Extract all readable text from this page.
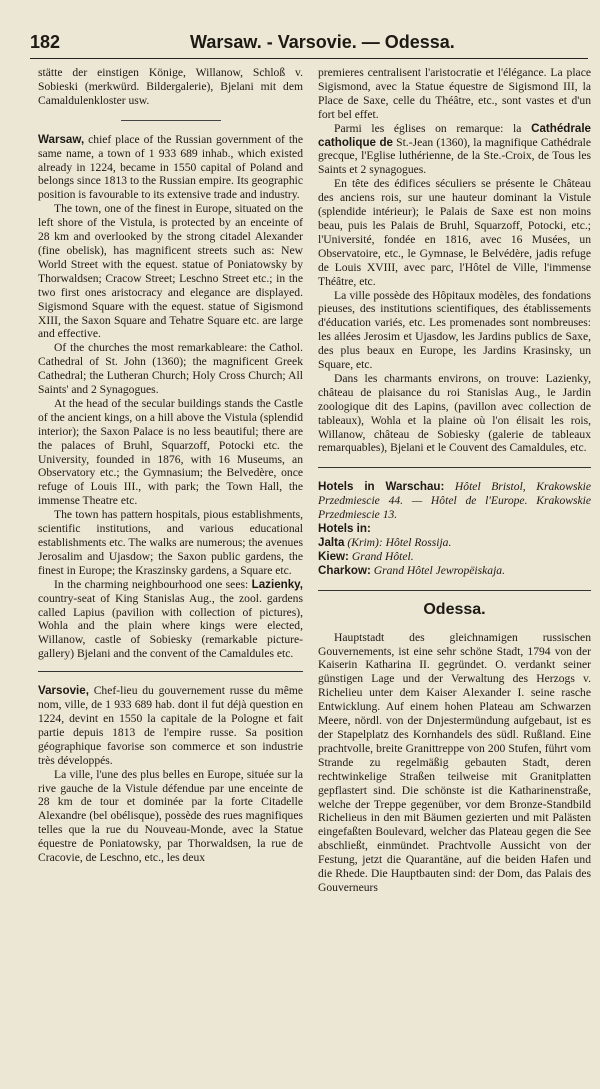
182	Warsaw. - Varsovie. — Odessa.

stätte der einstigen Könige, Willanow, Schloß v. Sobieski (merkwürd. Bildergalerie), Bjelani mit dem Camaldulenkloster usw.

Warsaw, chief place of the Russian government of the same name, a town of 1 933 689 inhab., which existed already in 1224, became in 1550 capital of Poland and belongs since 1813 to the Russian empire. Its geographic position is favourable to its extensive trade and industry.

The town, one of the finest in Europe, situated on the left shore of the Vistula, is protected by an enceinte of 28 km and overlooked by the strong citadel Alexander (fine obelisk), has magnificent streets such as: New World Street with the equest. statue of Poniatowsky by Thorwaldsen; Cracow Street; Leschno Street etc.; in the two first ones aristocracy and elegance are displayed. Sigismond Square with the equest. statue of Sigismond XIII, the Saxon Square and Tehatre Square etc. are large and effective.

Of the churches the most remarkableare: the Cathol. Cathedral of St. John (1360); the magnificent Greek Cathedral; the Lutheran Church; Holy Cross Church; All Saints' and 2 Synagogues.

At the head of the secular buildings stands the Castle of the ancient kings, on a hill above the Vistula (splendid interior); the Saxon Palace is no less beautiful; there are the palaces of Bruhl, Squarzoff, Potocki etc. the University, founded in 1876, with 16 Museums, an Observatory etc.; the Gymnasium; the Belvedère, once refuge of Louis III., with park; the Town Hall, the immense Theatre etc.

The town has pattern hospitals, pious establishments, scientific institutions, and various educational establishments etc. The walks are numerous; the avenues Jerosalim and Ujasdow; the Saxon public gardens, the finest in Europe; the Kraszinsky gardens, a Square etc.

In the charming neighbourhood one sees: Lazienky, country-seat of King Stanislas Aug., the zool. gardens called Lapius (pavilion with collection of pictures), Wohla and the plain where kings were elected, Willanow, castle of Sobiesky (remarkable picture-gallery) Bjelani and the convent of the Camaldules etc.

Varsovie, Chef-lieu du gouvernement russe du même nom, ville, de 1 933 689 hab. dont il fut déjà question en 1224, devint en 1550 la capitale de la Pologne et fait partie depuis 1813 de l'empire russe. Sa position géographique favorise son commerce et son industrie très développés.

La ville, l'une des plus belles en Europe, située sur la rive gauche de la Vistule défendue par une enceinte de 28 km de tour et dominée par la forte Citadelle Alexandre (bel obélisque), possède des rues magnifiques telles que la rue du Nouveau-Monde, avec la Statue équestre de Poniatowsky, par Thorwaldsen, la rue de Cracovie, de Leschno, etc., les deux

premieres centralisent l'aristocratie et l'élégance. La place Sigismond, avec la Statue équestre de Sigismond III, la Place de Saxe, celle du Théâtre, etc., sont vastes et d'un fort bel effet.

Parmi les églises on remarque: la Cathédrale catholique de St.-Jean (1360), la magnifique Cathédrale grecque, l'Eglise luthérienne, de la Ste.-Croix, de Tous les Saints et 2 synagogues.

En tête des édifices séculiers se présente le Château des anciens rois, sur une hauteur dominant la Vistule (splendide intérieur); le Palais de Saxe est non moins beau, puis les Palais de Bruhl, Squarzoff, Potocki, etc.; l'Université, fondée en 1816, avec 16 Musées, un Observatoire, etc., le Gymnase, le Belvédère, jadis refuge de Louis XVIII, avec parc, l'Hôtel de Ville, l'immense Théâtre, etc.

La ville possède des Hôpitaux modèles, des fondations pieuses, des institutions scientifiques, des établissements d'éducation variés, etc. Les promenades sont nombreuses: les allées Jerosim et Ujasdow, les Jardins publics de Saxe, des plus beaux en Europe, les Jardins Krasinsky, un Square, etc.

Dans les charmants environs, on trouve: Lazienky, château de plaisance du roi Stanislas Aug., le Jardin zoologique dit des Lapins, (pavillon avec collection de tableaux), Wohla et la plaine où l'on élisait les rois, Willanow, château de Sobiesky (galerie de tableaux remarquables), Bjelani et le Couvent des Camaldules, etc.

Hotels in Warschau: Hôtel Bristol, Krakowskie Przedmiescie 44. — Hôtel de l'Europe. Krakowskie Przedmiescie 13.

Hotels in:

Jalta (Krim): Hôtel Rossija.

Kiew: Grand Hôtel.

Charkow: Grand Hôtel Jewropëiskaja.

Odessa.

Hauptstadt des gleichnamigen russischen Gouvernements, ist eine sehr schöne Stadt, 1794 von der Kaiserin Katharina II. gegründet. O. verdankt seiner günstigen Lage und der Verwaltung des Herzogs v. Richelieu unter dem Kaiser Alexander I. seine rasche Entwicklung. Auf einem hohen Plateau am Schwarzen Meere, nördl. von der Dnjestermündung aufgebaut, ist es der Stapelplatz des Kornhandels des südl. Rußland. Eine prachtvolle, breite Granittreppe von 200 Stufen, führt vom Strande zu regelmäßig gebauten Stadt, deren rechtwinkelige Straßen teilweise mit Granitplatten gepflastert sind. Die schönste ist die Katharinenstraße, welche der Treppe gegenüber, vor dem Bronze-Standbild Richelieus in den mit Bäumen gezierten und mit Palästen eingefaßten Boulevard, welcher das Plateau gegen die See abschließt, einmündet. Prachtvolle Aussicht von der Festung, jetzt die Quarantäne, auf die beiden Hafen und die Rhede. Die Hauptbauten sind: der Dom, das Palais des Gouverneurs
